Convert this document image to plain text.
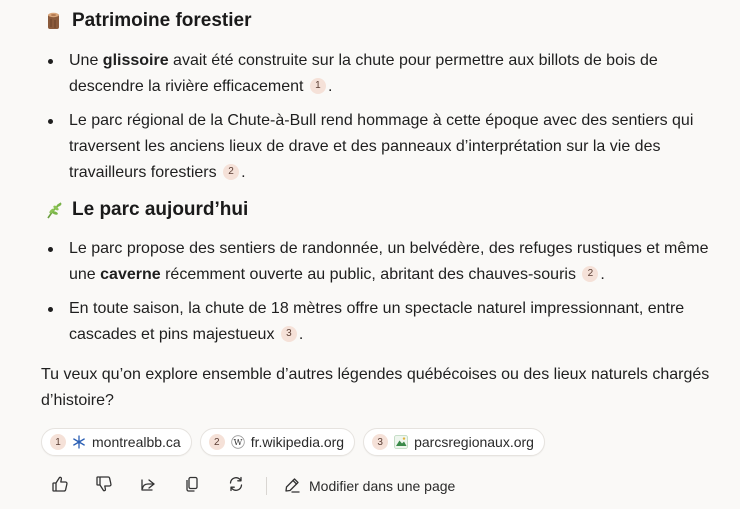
Patrimoine forestier
Une glissoire avait été construite sur la chute pour permettre aux billots de bois de descendre la rivière efficacement 1 .
Le parc régional de la Chute-à-Bull rend hommage à cette époque avec des sentiers qui traversent les anciens lieux de drave et des panneaux d’interprétation sur la vie des travailleurs forestiers 2 .
Le parc aujourd’hui
Le parc propose des sentiers de randonnée, un belvédère, des refuges rustiques et même une caverne récemment ouverte au public, abritant des chauves-souris 2 .
En toute saison, la chute de 18 mètres offre un spectacle naturel impressionnant, entre cascades et pins majestueux 3 .
Tu veux qu’on explore ensemble d’autres légendes québécoises ou des lieux naturels chargés d’histoire?
1	montrealbb.ca	2	W fr.wikipedia.org	3	parcsregionaux.org
Modifier dans une page
